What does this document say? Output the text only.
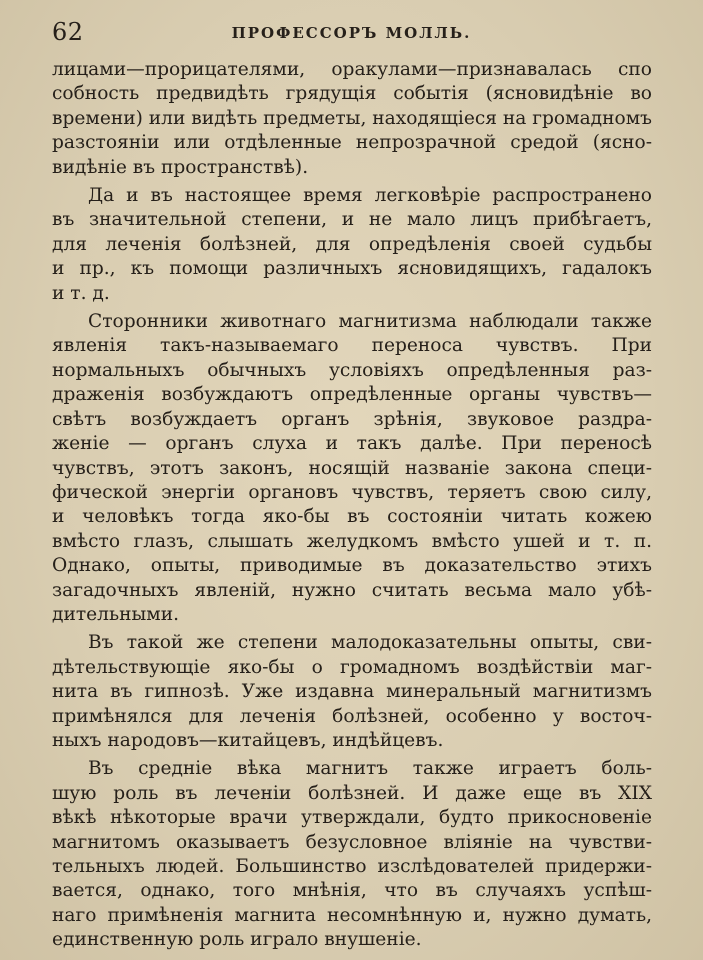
62	ПРОФЕССОРЪ МОЛЛЬ.

лицами—прорицателями, оракулами—признавалась спо
собность предвидѣть грядущія событія (ясновидѣніе во
времени) или видѣть предметы, находящіеся на громадномъ
разстояніи или отдѣленные непрозрачной средой (ясно-
видѣніе въ пространствѣ).

Да и въ настоящее время легковѣріе распространено
въ значительной степени, и не мало лицъ прибѣгаетъ,
для леченія болѣзней, для опредѣленія своей судьбы
и пр., къ помощи различныхъ ясновидящихъ, гадалокъ
и т. д.

Сторонники животнаго магнитизма наблюдали также
явленія такъ-называемаго переноса чувствъ. При
нормальныхъ обычныхъ условіяхъ опредѣленныя раз-
драженія возбуждаютъ опредѣленные органы чувствъ—
свѣтъ возбуждаетъ органъ зрѣнія, звуковое раздра-
женіе — органъ слуха и такъ далѣе. При переносѣ
чувствъ, этотъ законъ, носящій названіе закона специ-
фической энергіи органовъ чувствъ, теряетъ свою силу,
и человѣкъ тогда яко-бы въ состояніи читать кожею
вмѣсто глазъ, слышать желудкомъ вмѣсто ушей и т. п.
Однако, опыты, приводимые въ доказательство этихъ
загадочныхъ явленій, нужно считать весьма мало убѣ-
дительными.

Въ такой же степени малодоказательны опыты, сви-
дѣтельствующіе яко-бы о громадномъ воздѣйствіи маг-
нита въ гипнозѣ. Уже издавна минеральный магнитизмъ
примѣнялся для леченія болѣзней, особенно у восточ-
ныхъ народовъ—китайцевъ, индѣйцевъ.

Въ средніе вѣка магнитъ также играетъ боль-
шую роль въ леченіи болѣзней. И даже еще въ XIX
вѣкѣ нѣкоторые врачи утверждали, будто прикосновеніе
магнитомъ оказываетъ безусловное вліяніе на чувстви-
тельныхъ людей. Большинство изслѣдователей придержи-
вается, однако, того мнѣнія, что въ случаяхъ успѣш-
наго примѣненія магнита несомнѣнную и, нужно думать,
единственную роль играло внушеніе.
